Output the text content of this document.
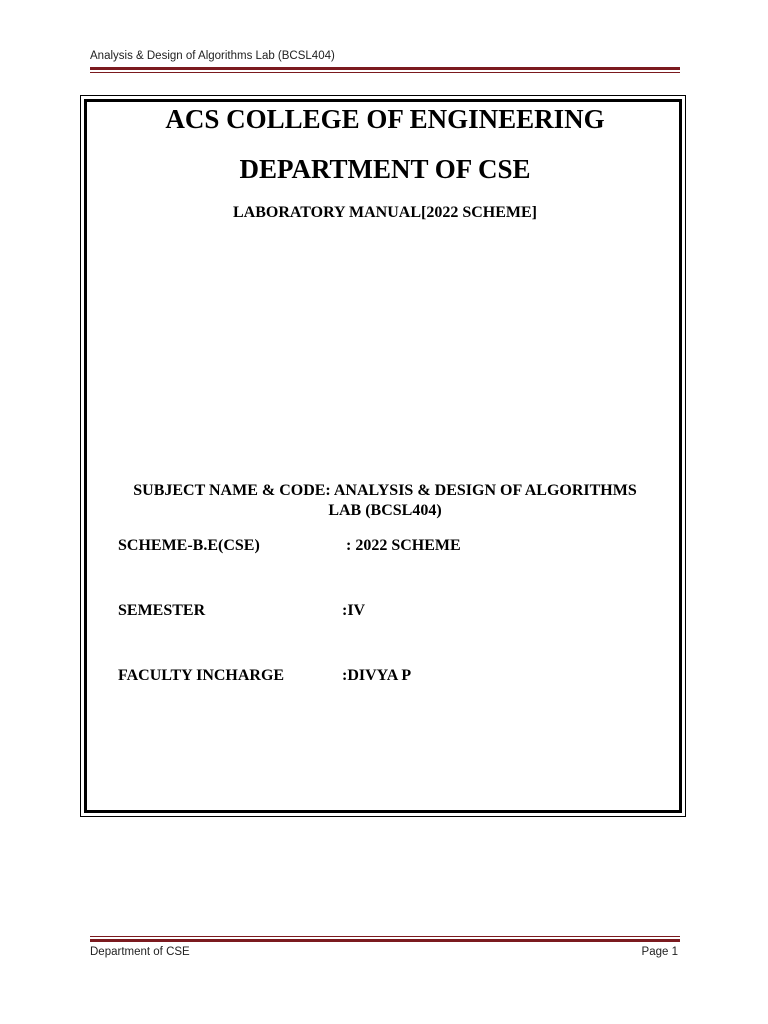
Analysis & Design of Algorithms Lab (BCSL404)
ACS COLLEGE OF ENGINEERING
DEPARTMENT OF CSE
LABORATORY MANUAL[2022 SCHEME]
SUBJECT NAME & CODE: ANALYSIS & DESIGN OF ALGORITHMS
LAB (BCSL404)
SCHEME-B.E(CSE)	: 2022 SCHEME
SEMESTER	:IV
FACULTY INCHARGE	:DIVYA P
Department of CSE	Page 1
